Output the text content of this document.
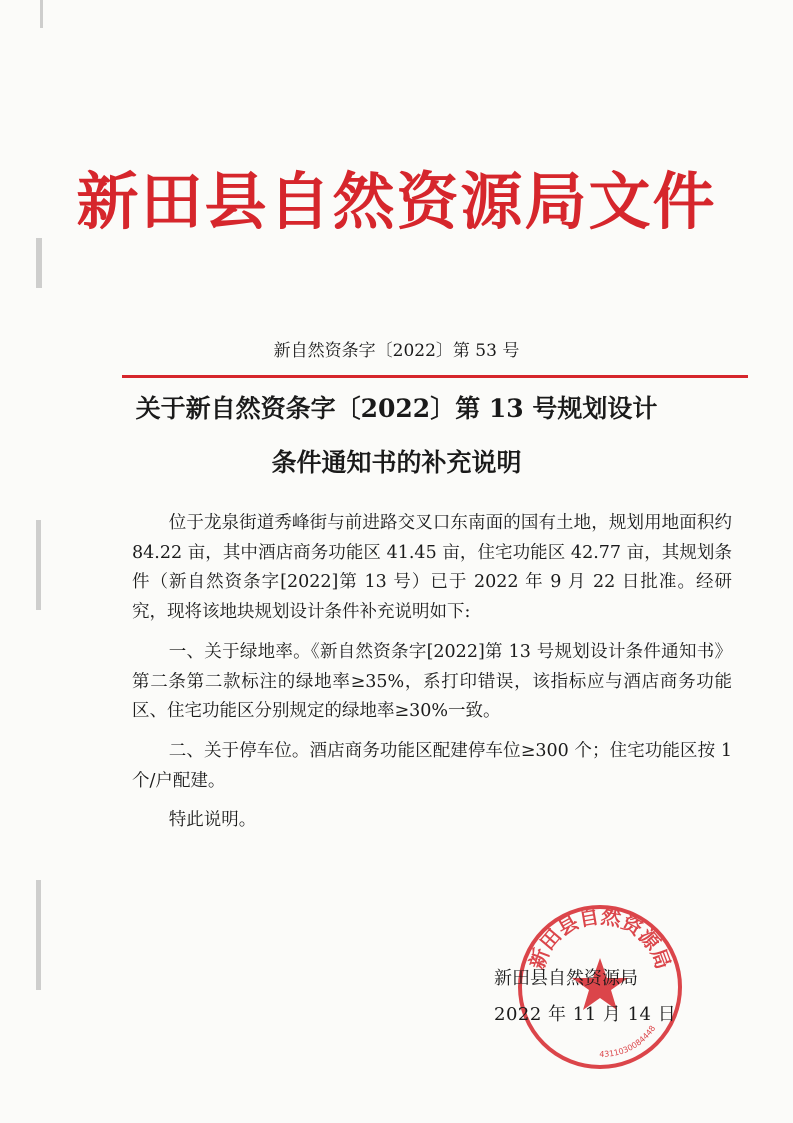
新田县自然资源局文件
新自然资条字〔2022〕第 53 号
关于新自然资条字〔2022〕第 13 号规划设计
条件通知书的补充说明

位于龙泉街道秀峰街与前进路交叉口东南面的国有土地，规划用地面积约 84.22 亩，其中酒店商务功能区 41.45 亩，住宅功能区 42.77 亩，其规划条件（新自然资条字[2022]第 13 号）已于 2022 年 9 月 22 日批准。经研究，现将该地块规划设计条件补充说明如下:

一、关于绿地率。《新自然资条字[2022]第 13 号规划设计条件通知书》第二条第二款标注的绿地率≥35%，系打印错误，该指标应与酒店商务功能区、住宅功能区分别规定的绿地率≥30%一致。

二、关于停车位。酒店商务功能区配建停车位≥300 个；住宅功能区按 1 个/户配建。

特此说明。

新田县自然资源局
4311030084448
新田县自然资源局
2022 年 11 月 14 日
